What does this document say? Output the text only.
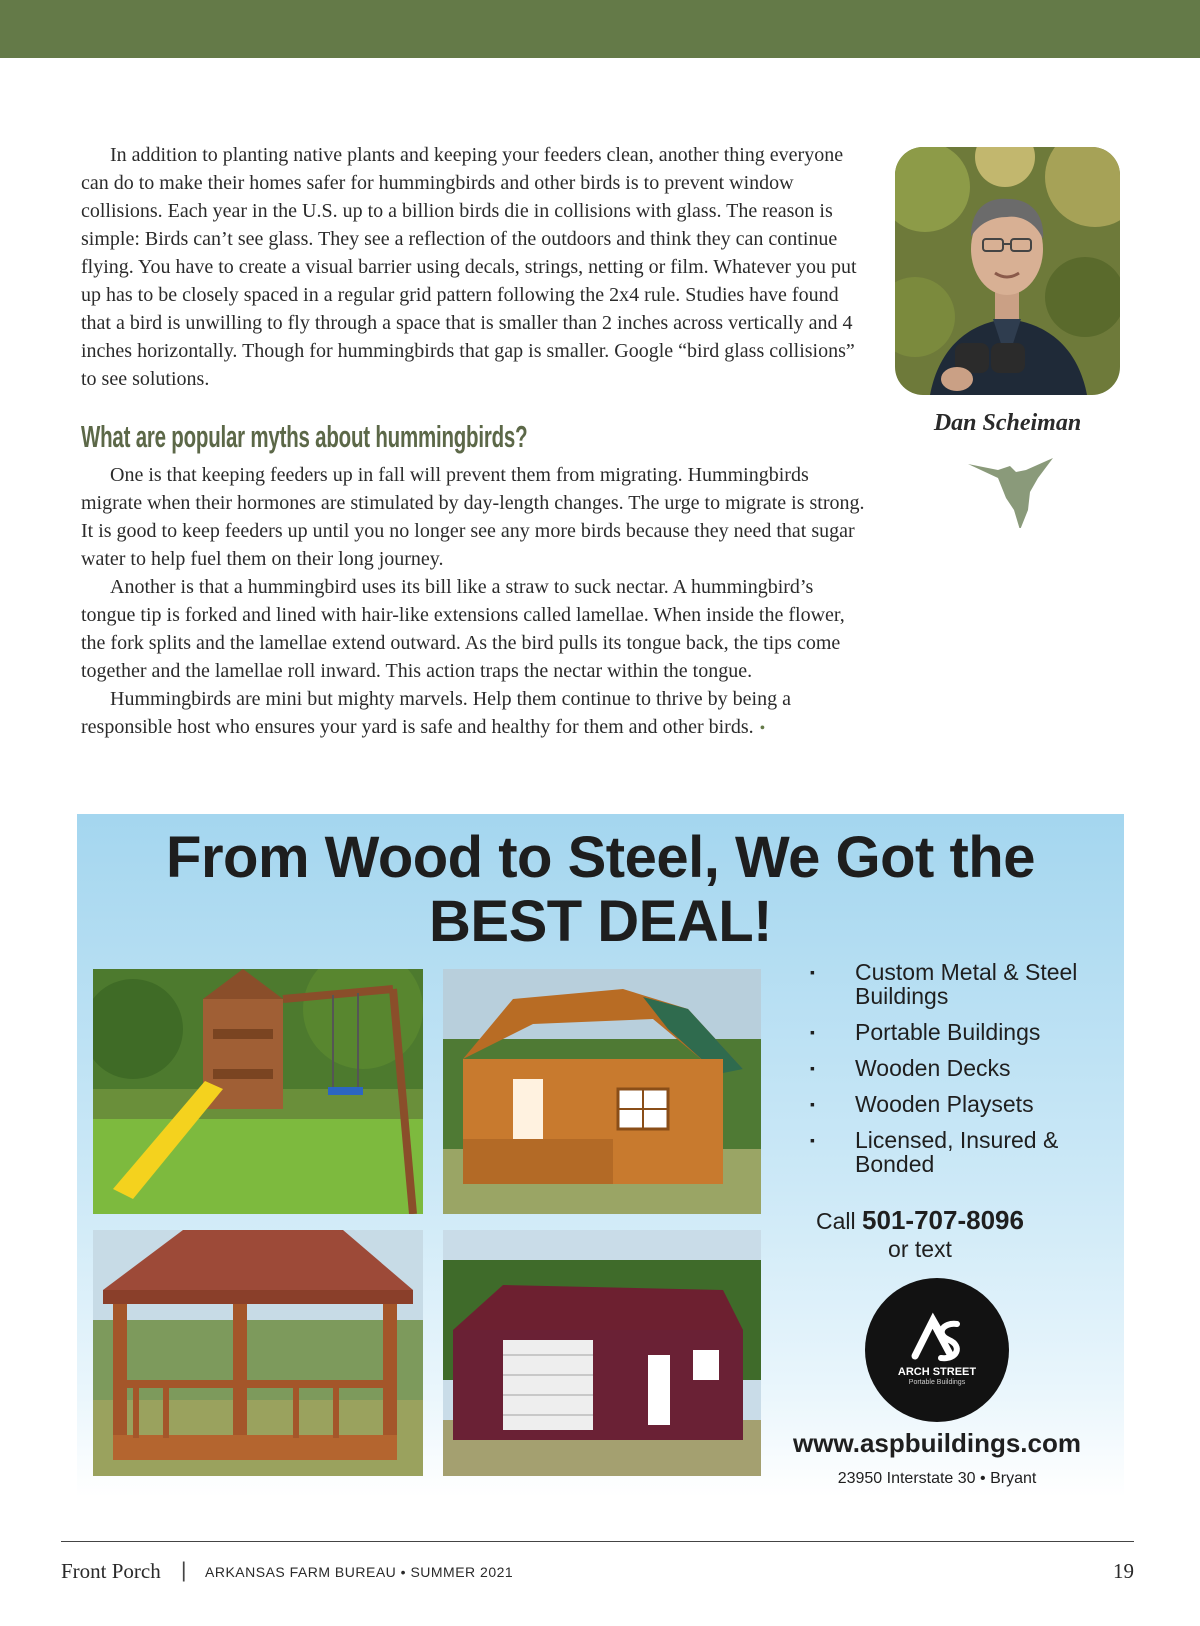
In addition to planting native plants and keeping your feeders clean, another thing everyone can do to make their homes safer for hummingbirds and other birds is to prevent window collisions. Each year in the U.S. up to a billion birds die in collisions with glass. The reason is simple: Birds can’t see glass. They see a reflection of the outdoors and think they can continue flying. You have to create a visual barrier using decals, strings, netting or film. Whatever you put up has to be closely spaced in a regular grid pattern following the 2x4 rule. Studies have found that a bird is unwilling to fly through a space that is smaller than 2 inches across vertically and 4 inches horizontally. Though for hummingbirds that gap is smaller. Google “bird glass collisions” to see solutions.

What are popular myths about hummingbirds?

One is that keeping feeders up in fall will prevent them from migrating. Hummingbirds migrate when their hormones are stimulated by day-length changes. The urge to migrate is strong. It is good to keep feeders up until you no longer see any more birds because they need that sugar water to help fuel them on their long journey.

Another is that a hummingbird uses its bill like a straw to suck nectar. A hummingbird’s tongue tip is forked and lined with hair-like extensions called lamellae. When inside the flower, the fork splits and the lamellae extend outward. As the bird pulls its tongue back, the tips come together and the lamellae roll inward. This action traps the nectar within the tongue.

Hummingbirds are mini but mighty marvels. Help them continue to thrive by being a responsible host who ensures your yard is safe and healthy for them and other birds. •

Dan Scheiman
From Wood to Steel, We Got the
BEST DEAL!
▪ Custom Metal & Steel Buildings
▪ Portable Buildings
▪ Wooden Decks
▪ Wooden Playsets
▪ Licensed, Insured & Bonded
Call 501-707-8096
or text
ARCH STREET
Portable Buildings
www.aspbuildings.com
23950 Interstate 30 • Bryant
Front Porch | ARKANSAS FARM BUREAU • SUMMER 2021	19
